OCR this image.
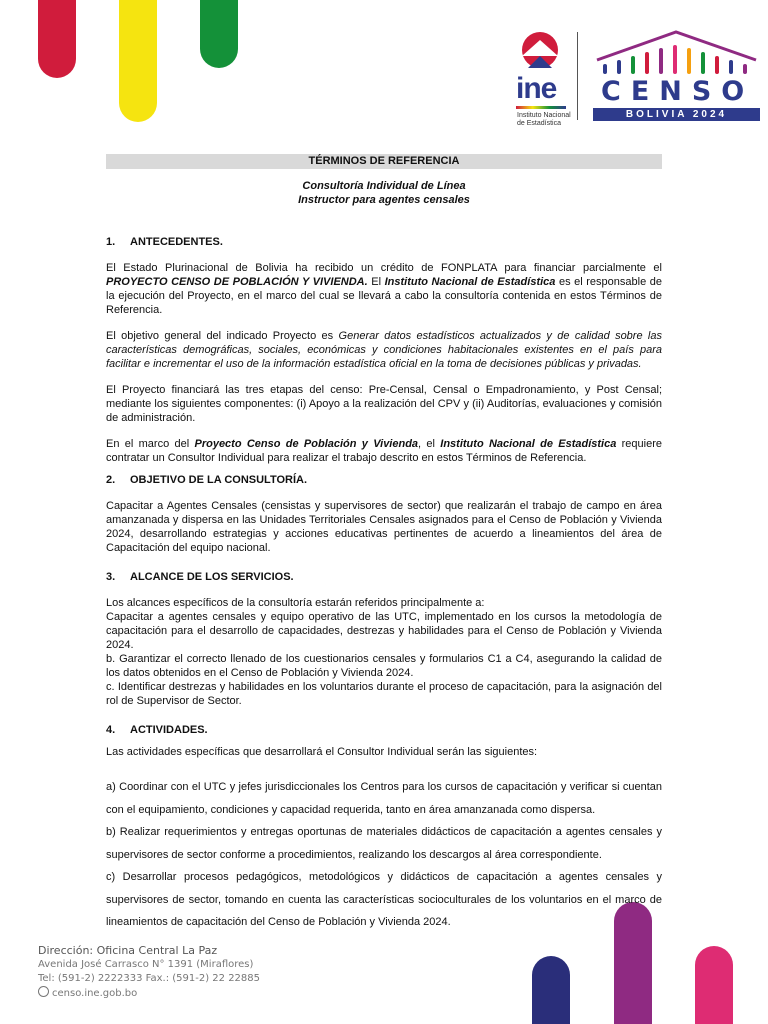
ine
Instituto Nacional de Estadística
CENSO
BOLIVIA 2024
TÉRMINOS DE REFERENCIA
Consultoría Individual de Línea
Instructor para agentes censales
1. ANTECEDENTES.

El Estado Plurinacional de Bolivia ha recibido un crédito de FONPLATA para financiar parcialmente el PROYECTO CENSO DE POBLACIÓN Y VIVIENDA. El Instituto Nacional de Estadística es el responsable de la ejecución del Proyecto, en el marco del cual se llevará a cabo la consultoría contenida en estos Términos de Referencia.

El objetivo general del indicado Proyecto es Generar datos estadísticos actualizados y de calidad sobre las características demográficas, sociales, económicas y condiciones habitacionales existentes en el país para facilitar e incrementar el uso de la información estadística oficial en la toma de decisiones públicas y privadas.

El Proyecto financiará las tres etapas del censo: Pre-Censal, Censal o Empadronamiento, y Post Censal; mediante los siguientes componentes: (i) Apoyo a la realización del CPV y (ii) Auditorías, evaluaciones y comisión de administración.

En el marco del Proyecto Censo de Población y Vivienda, el Instituto Nacional de Estadística requiere contratar un Consultor Individual para realizar el trabajo descrito en estos Términos de Referencia.

2. OBJETIVO DE LA CONSULTORÍA.

Capacitar a Agentes Censales (censistas y supervisores de sector) que realizarán el trabajo de campo en área amanzanada y dispersa en las Unidades Territoriales Censales asignados para el Censo de Población y Vivienda 2024, desarrollando estrategias y acciones educativas pertinentes de acuerdo a lineamientos del área de Capacitación del equipo nacional.

3. ALCANCE DE LOS SERVICIOS.

Los alcances específicos de la consultoría estarán referidos principalmente a:

Capacitar a agentes censales y equipo operativo de las UTC, implementado en los cursos la metodología de capacitación para el desarrollo de capacidades, destrezas y habilidades para el Censo de Población y Vivienda 2024.

b. Garantizar el correcto llenado de los cuestionarios censales y formularios C1 a C4, asegurando la calidad de los datos obtenidos en el Censo de Población y Vivienda 2024.

c. Identificar destrezas y habilidades en los voluntarios durante el proceso de capacitación, para la asignación del rol de Supervisor de Sector.

4. ACTIVIDADES.

Las actividades específicas que desarrollará el Consultor Individual serán las siguientes:

a) Coordinar con el UTC y jefes jurisdiccionales los Centros para los cursos de capacitación y verificar si cuentan con el equipamiento, condiciones y capacidad requerida, tanto en área amanzanada como dispersa.

b) Realizar requerimientos y entregas oportunas de materiales didácticos de capacitación a agentes censales y supervisores de sector conforme a procedimientos, realizando los descargos al área correspondiente.

c) Desarrollar procesos pedagógicos, metodológicos y didácticos de capacitación a agentes censales y supervisores de sector, tomando en cuenta las características socioculturales de los voluntarios en el marco de lineamientos de capacitación del Censo de Población y Vivienda 2024.

Dirección: Oficina Central La Paz
Avenida José Carrasco N° 1391 (Miraflores)
Tel: (591-2) 2222333 Fax.: (591-2) 22 22885
censo.ine.gob.bo
